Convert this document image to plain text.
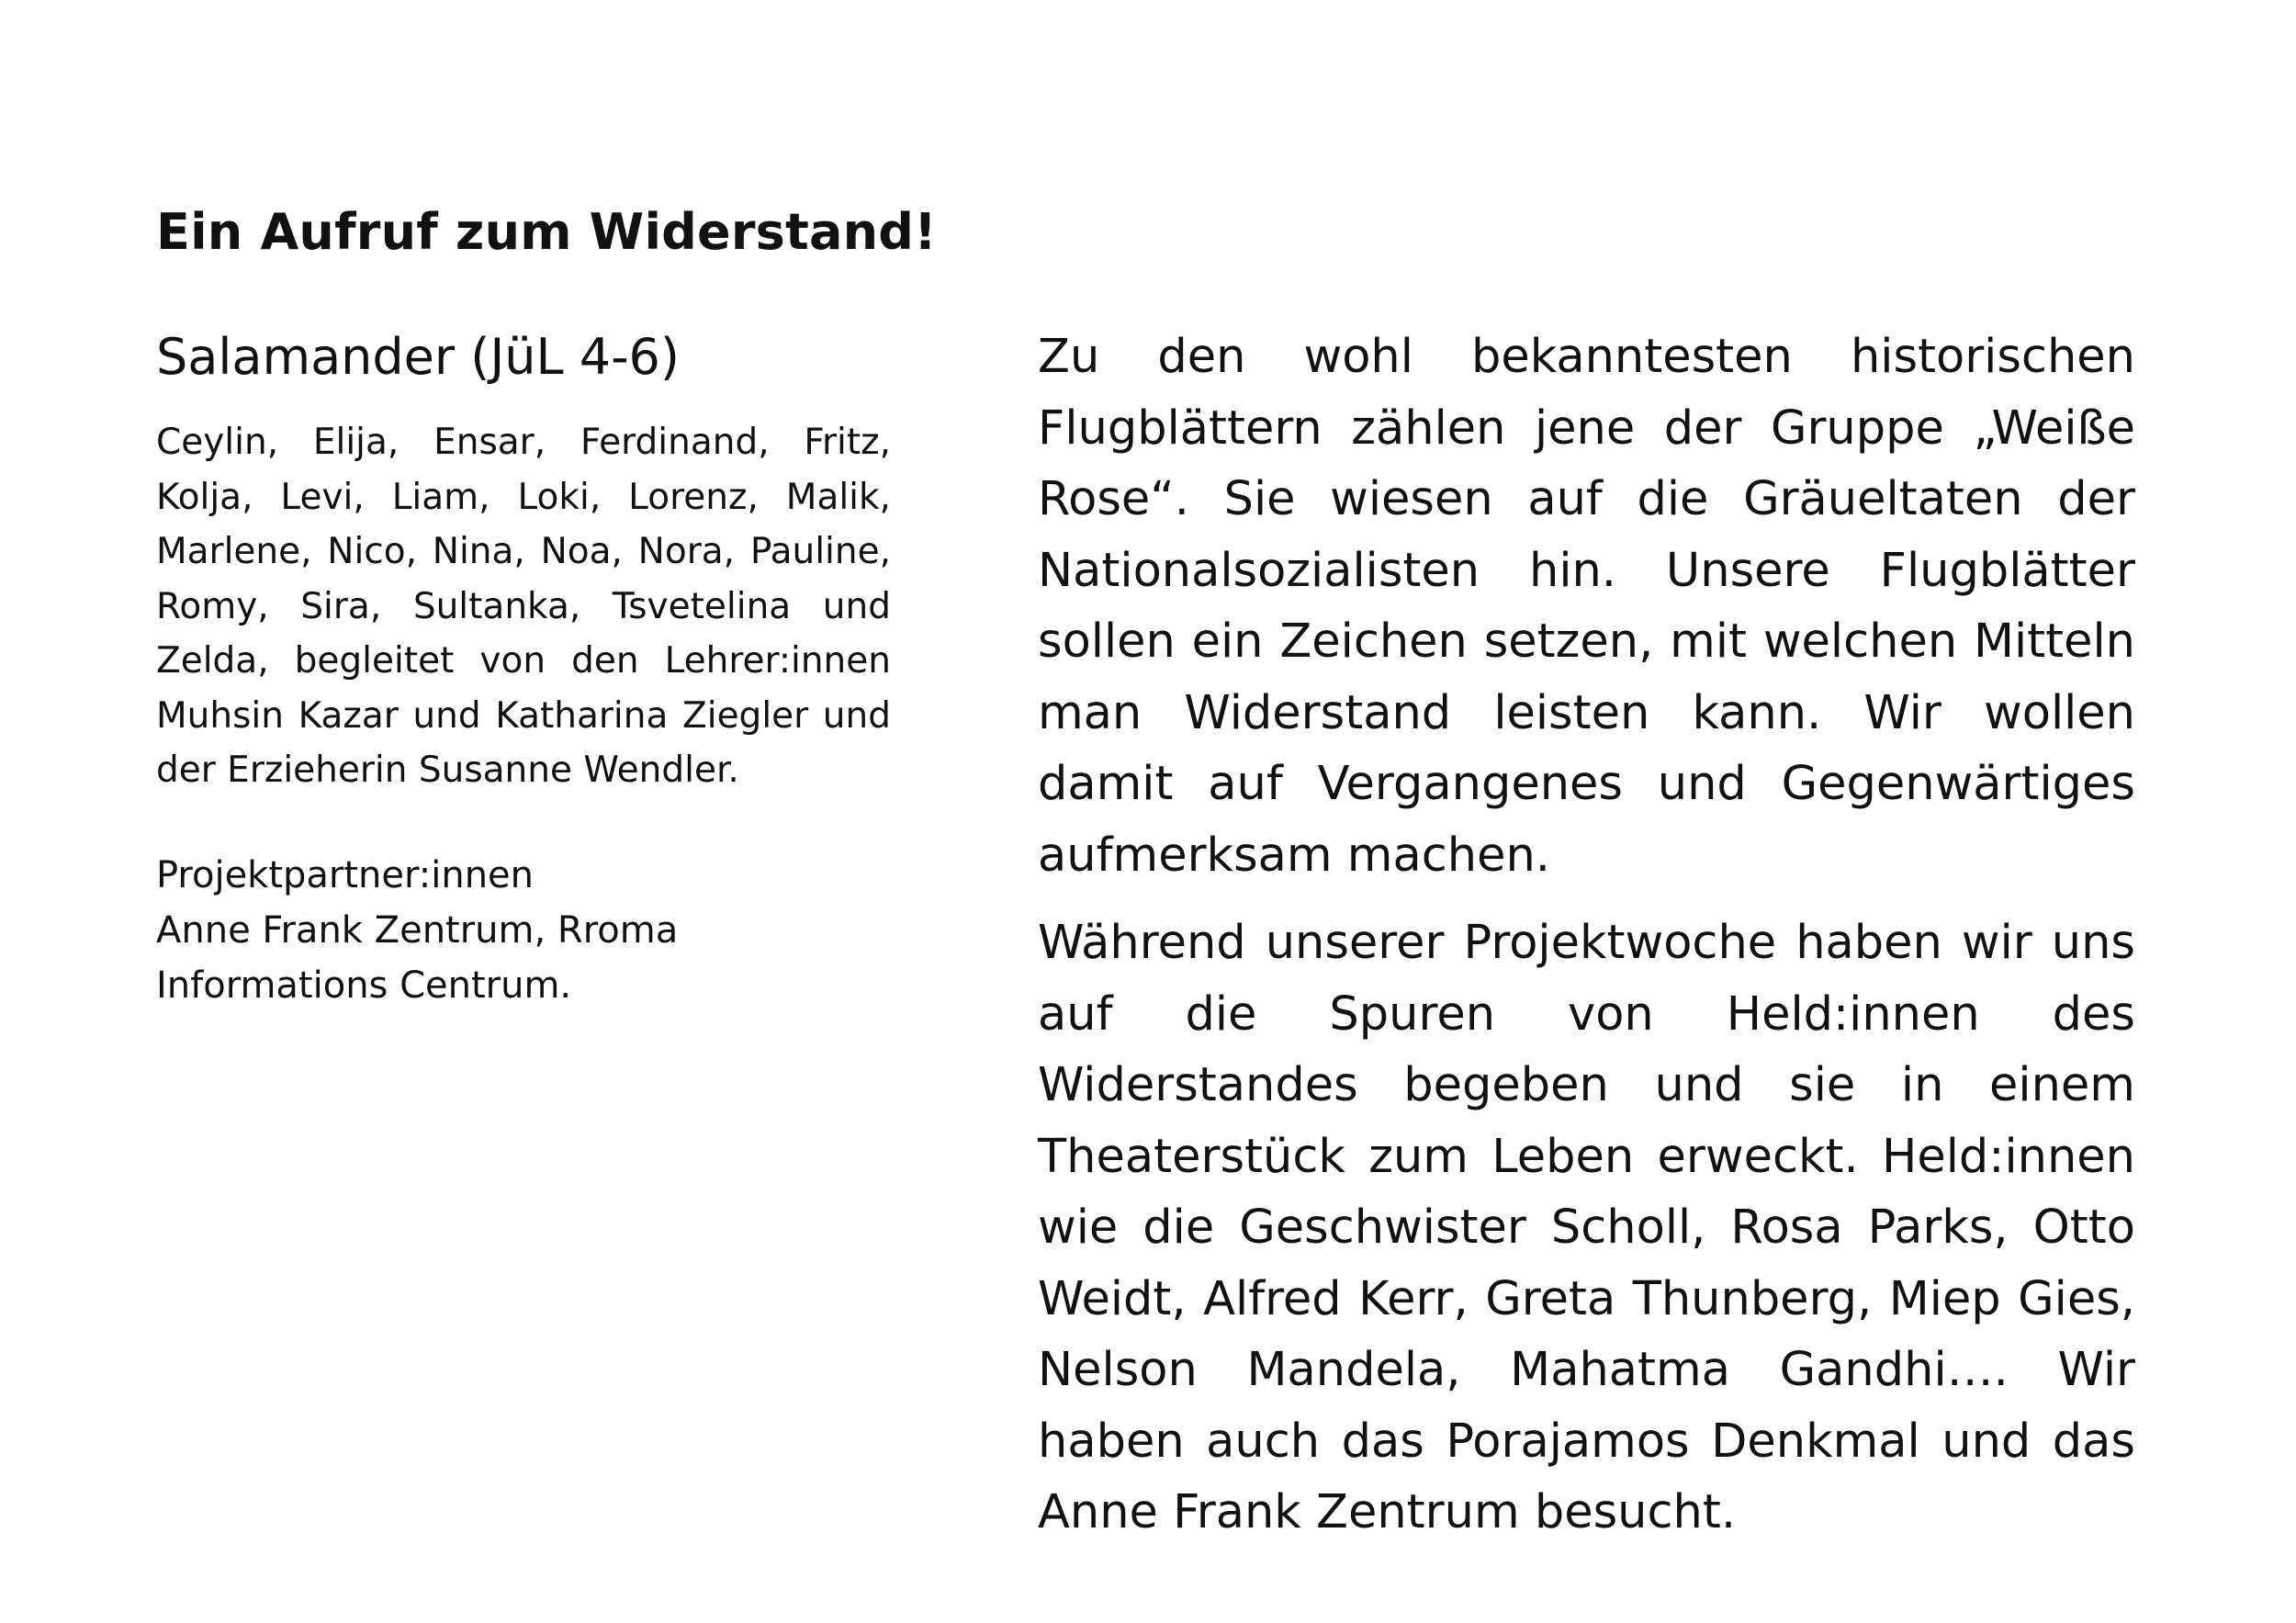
Ein Aufruf zum Widerstand!
Salamander (JüL 4-6)

Ceylin, Elija, Ensar, Ferdinand, Fritz, Kolja, Levi, Liam, Loki, Lorenz, Malik, Marlene, Nico, Nina, Noa, Nora, Pauline, Romy, Sira, Sultanka, Tsvetelina und Zelda, begleitet von den Lehrer:innen Muhsin Kazar und Katharina Ziegler und der Erzieherin Susanne Wendler.

Projektpartner:innen
Anne Frank Zentrum, Rroma Informations Centrum.

Zu den wohl bekanntesten historischen Flugblättern zählen jene der Gruppe „Weiße Rose“. Sie wiesen auf die Gräueltaten der Nationalsozialisten hin. Unsere Flugblätter sollen ein Zeichen setzen, mit welchen Mitteln man Widerstand leisten kann. Wir wollen damit auf Vergangenes und Gegenwärtiges aufmerksam machen.

Während unserer Projektwoche haben wir uns auf die Spuren von Held:innen des Widerstandes begeben und sie in einem Theaterstück zum Leben erweckt. Held:innen wie die Geschwister Scholl, Rosa Parks, Otto Weidt, Alfred Kerr, Greta Thunberg, Miep Gies, Nelson Mandela, Mahatma Gandhi…. Wir haben auch das Porajamos Denkmal und das Anne Frank Zentrum besucht.
